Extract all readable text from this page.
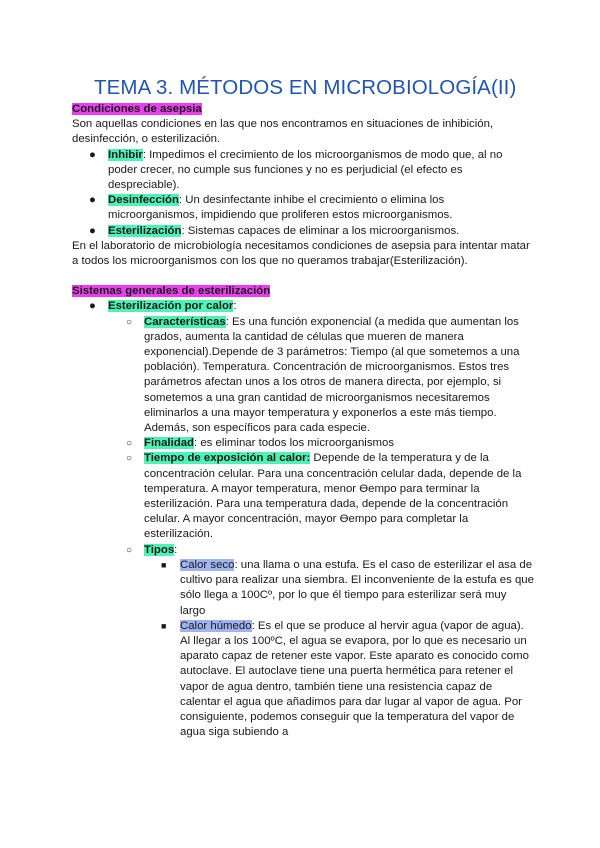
TEMA 3. MÉTODOS EN MICROBIOLOGÍA(II)

Condiciones de asepsia

Son aquellas condiciones en las que nos encontramos en situaciones de inhibición, desinfección, o esterilización.

● Inhibir: Impedimos el crecimiento de los microorganismos de modo que, al no poder crecer, no cumple sus funciones y no es perjudicial (el efecto es despreciable).
● Desinfección: Un desinfectante inhibe el crecimiento o elimina los microorganismos, impidiendo que proliferen estos microorganismos.
● Esterilización: Sistemas capaces de eliminar a los microorganismos.

En el laboratorio de microbiología necesitamos condiciones de asepsia para intentar matar a todos los microorganismos con los que no queramos trabajar(Esterilización).

Sistemas generales de esterilización

● Esterilización por calor:
○ Características: Es una función exponencial (a medida que aumentan los grados, aumenta la cantidad de células que mueren de manera exponencial).Depende de 3 parámetros: Tiempo (al que sometemos a una población). Temperatura. Concentración de microorganismos. Estos tres parámetros afectan unos a los otros de manera directa, por ejemplo, si sometemos a una gran cantidad de microorganismos necesitaremos eliminarlos a una mayor temperatura y exponerlos a este más tiempo. Además, son específicos para cada especie.
○ Finalidad: es eliminar todos los microorganismos
○ Tiempo de exposición al calor: Depende de la temperatura y de la concentración celular. Para una concentración celular dada, depende de la temperatura. A mayor temperatura, menor Ɵempo para terminar la esterilización. Para una temperatura dada, depende de la concentración celular. A mayor concentración, mayor Ɵempo para completar la esterilización.
○ Tipos:
■ Calor seco: una llama o una estufa. Es el caso de esterilizar el asa de cultivo para realizar una siembra. El inconveniente de la estufa es que sólo llega a 100Cº, por lo que él tiempo para esterilizar será muy largo
■ Calor húmedo: Es el que se produce al hervir agua (vapor de agua). Al llegar a los 100ºC, el agua se evapora, por lo que es necesario un aparato capaz de retener este vapor. Este aparato es conocido como autoclave. El autoclave tiene una puerta hermética para retener el vapor de agua dentro, también tiene una resistencia capaz de calentar el agua que añadimos para dar lugar al vapor de agua. Por consiguiente, podemos conseguir que la temperatura del vapor de agua siga subiendo a
